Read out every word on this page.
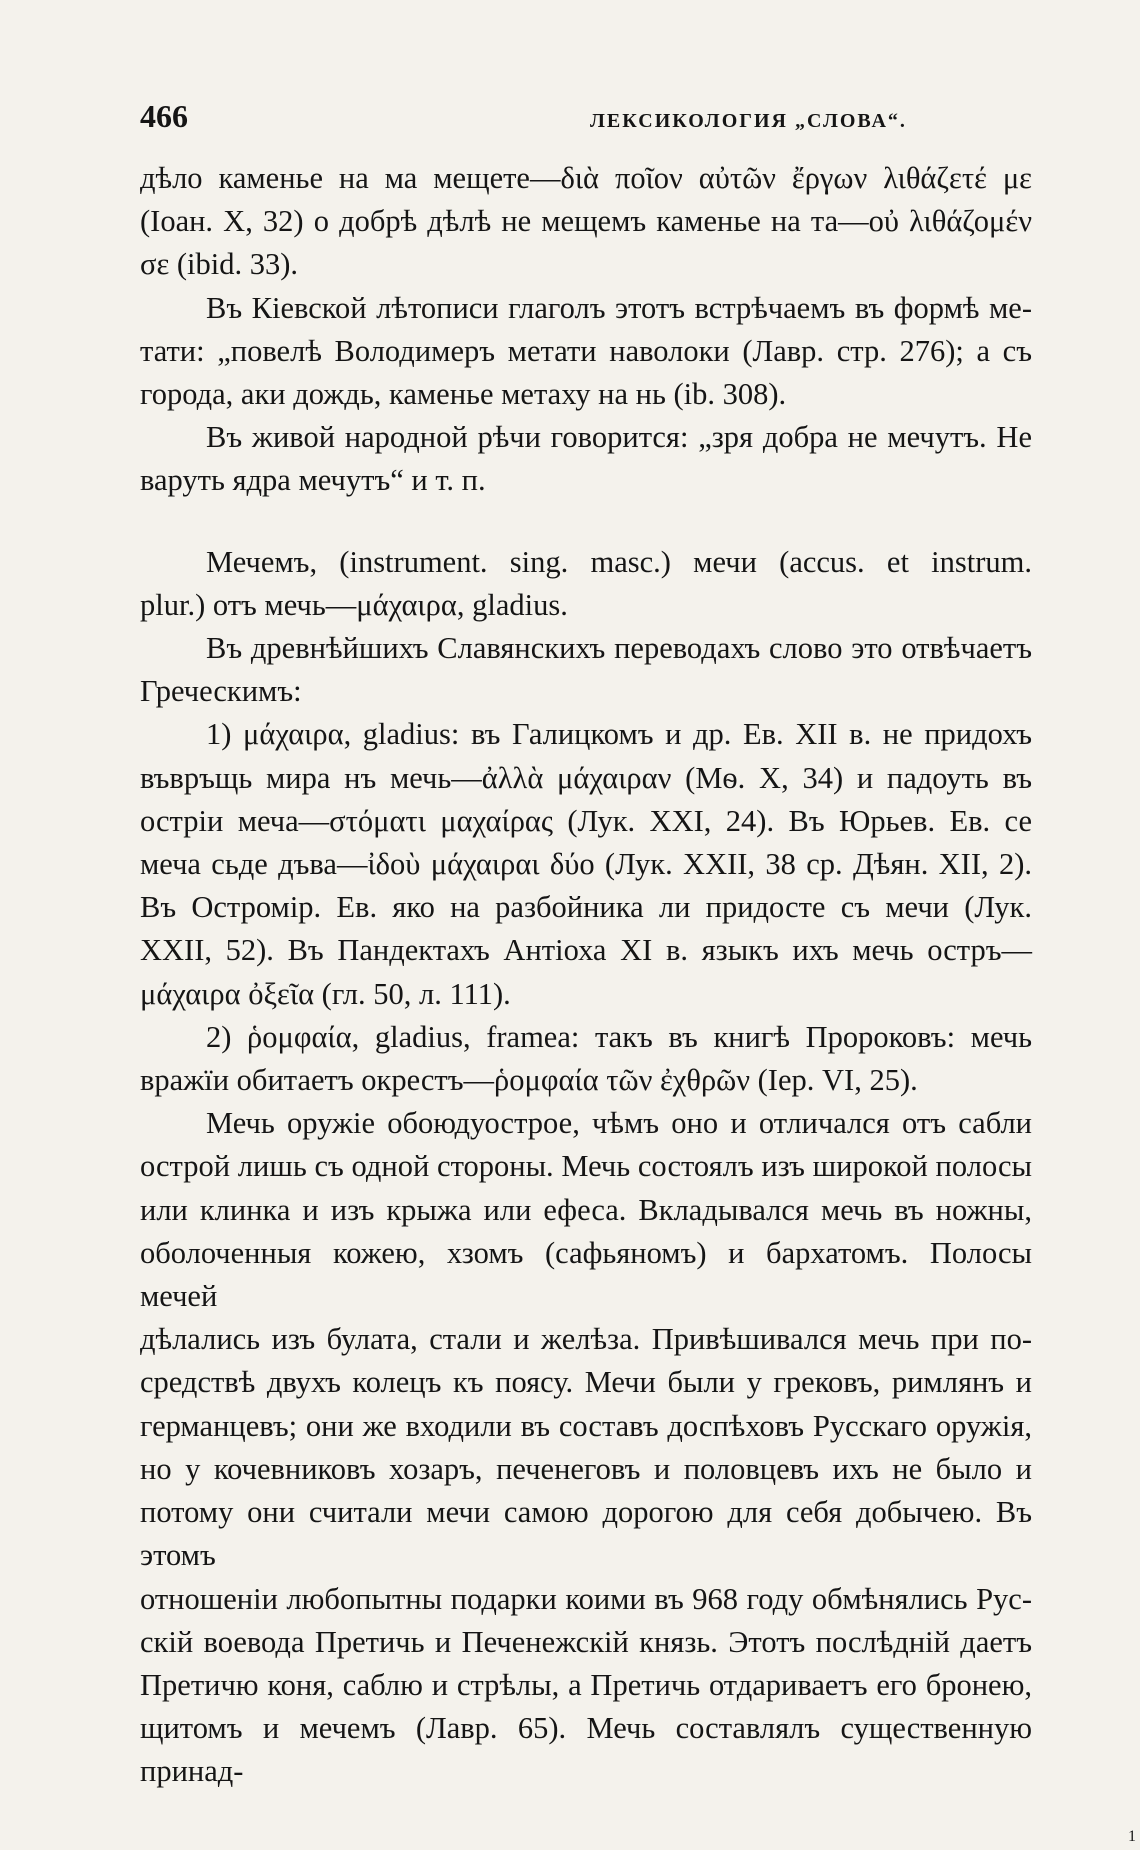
466	ЛЕКСИКОЛОГИЯ „СЛОВА“.

дѣло каменье на ма мещете—διὰ ποῖον αὐτῶν ἔργων λιθάζετέ με

(Іоан. X, 32) о добрѣ дѣлѣ не мещемъ каменье на та—οὐ λιθάζομέν

σε (ibid. 33).

Въ Кіевской лѣтописи глаголъ этотъ встрѣчаемъ въ формѣ ме-

тати: „повелѣ Володимеръ метати наволоки (Лавр. стр. 276); а съ

города, аки дождь, каменье метаху на нь (ib. 308).

Въ живой народной рѣчи говорится: „зря добра не мечутъ. Не

варуть ядра мечутъ“ и т. п.

Мечемъ, (instrument. sing. masc.) мечи (accus. et instrum.

plur.) отъ мечь—μάχαιρα, gladius.

Въ древнѣйшихъ Славянскихъ переводахъ слово это отвѣчаетъ

Греческимъ:

1) μάχαιρα, gladius: въ Галицкомъ и др. Ев. XII в. не придохъ

въвръщь мира нъ мечь—ἀλλὰ μάχαιραν (Мѳ. X, 34) и падоуть въ

остріи меча—στόματι μαχαίρας (Лук. XXI, 24). Въ Юрьев. Ев. се

меча сьде дъва—ἰδοὺ μάχαιραι δύο (Лук. XXII, 38 ср. Дѣян. XII, 2).

Въ Остромір. Ев. яко на разбойника ли придосте съ мечи (Лук.

XXII, 52). Въ Пандектахъ Антіоха XI в. языкъ ихъ мечь остръ—

μάχαιρα ὀξεῖα (гл. 50, л. 111).

2) ῥομφαία, gladius, framea: такъ въ книгѣ Пророковъ: мечь

вражїи обитаетъ окрестъ—ῥομφαία τῶν ἐχθρῶν (Іер. VI, 25).

Мечь оружіе обоюдуострое, чѣмъ оно и отличался отъ сабли

острой лишь съ одной стороны. Мечь состоялъ изъ широкой полосы

или клинка и изъ крыжа или ефеса. Вкладывался мечь въ ножны,

оболоченныя кожею, хзомъ (сафьяномъ) и бархатомъ. Полосы мечей

дѣлались изъ булата, стали и желѣза. Привѣшивался мечь при по-

средствѣ двухъ колецъ къ поясу. Мечи были у грековъ, римлянъ и

германцевъ; они же входили въ составъ доспѣховъ Русскаго оружія,

но у кочевниковъ хозаръ, печенеговъ и половцевъ ихъ не было и

потому они считали мечи самою дорогою для себя добычею. Въ этомъ

отношеніи любопытны подарки коими въ 968 году обмѣнялись Рус-

скій воевода Претичь и Печенежскій князь. Этотъ послѣдній даетъ

Претичю коня, саблю и стрѣлы, а Претичь отдариваетъ его бронею,

щитомъ и мечемъ (Лавр. 65). Мечь составлялъ существенную принад-

1
